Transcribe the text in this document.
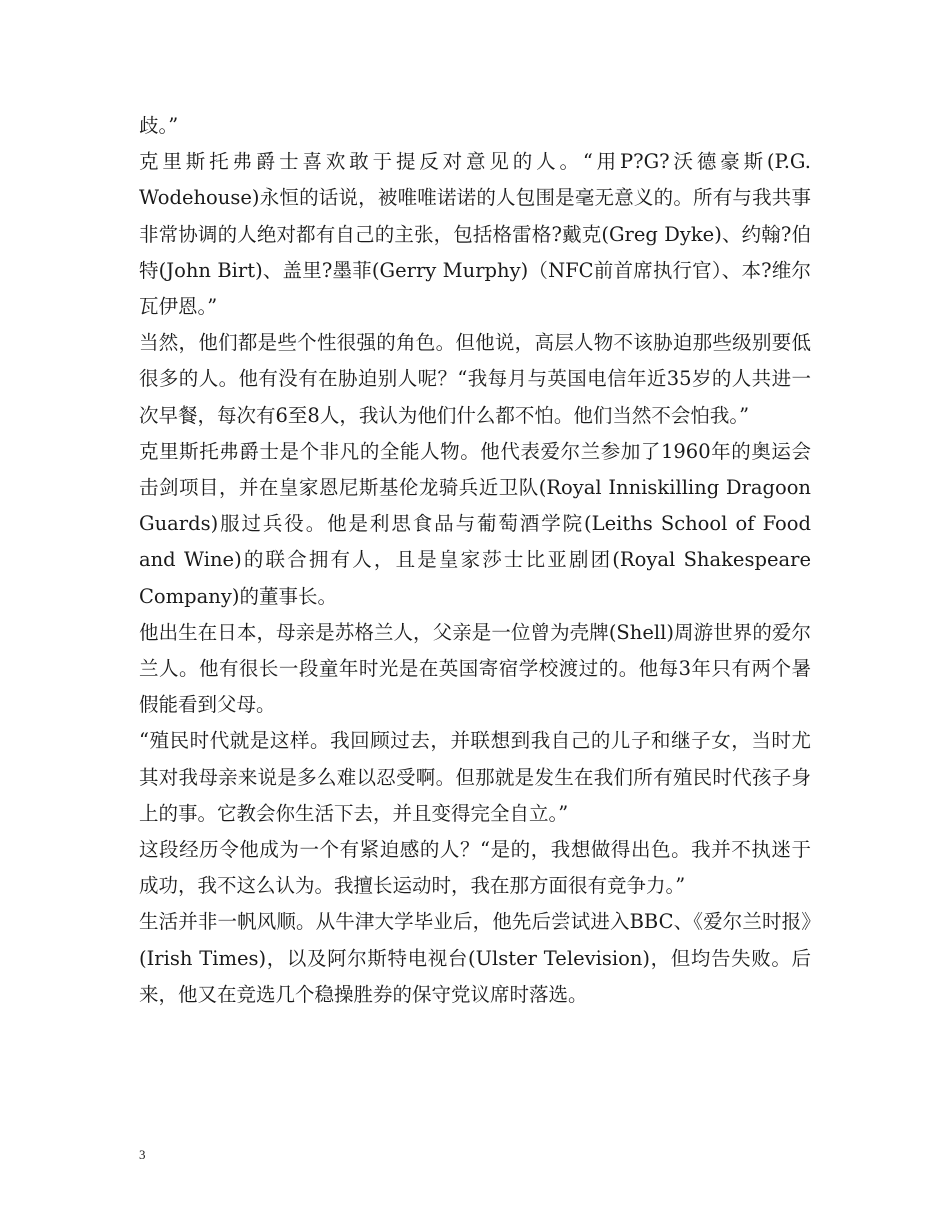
歧。”

克里斯托弗爵士喜欢敢于提反对意见的人。“用P?G?沃德豪斯(P.G. Wodehouse)永恒的话说，被唯唯诺诺的人包围是毫无意义的。所有与我共事非常协调的人绝对都有自己的主张，包括格雷格?戴克(Greg Dyke)、约翰?伯特(John Birt)、盖里?墨菲(Gerry Murphy)（NFC前首席执行官）、本?维尔瓦伊恩。”

当然，他们都是些个性很强的角色。但他说，高层人物不该胁迫那些级别要低很多的人。他有没有在胁迫别人呢？“我每月与英国电信年近35岁的人共进一次早餐，每次有6至8人，我认为他们什么都不怕。他们当然不会怕我。”

克里斯托弗爵士是个非凡的全能人物。他代表爱尔兰参加了1960年的奥运会击剑项目，并在皇家恩尼斯基伦龙骑兵近卫队(Royal Inniskilling Dragoon Guards)服过兵役。他是利思食品与葡萄酒学院(Leiths School of Food and Wine)的联合拥有人，且是皇家莎士比亚剧团(Royal Shakespeare Company)的董事长。

他出生在日本，母亲是苏格兰人，父亲是一位曾为壳牌(Shell)周游世界的爱尔兰人。他有很长一段童年时光是在英国寄宿学校渡过的。他每3年只有两个暑假能看到父母。

“殖民时代就是这样。我回顾过去，并联想到我自己的儿子和继子女，当时尤其对我母亲来说是多么难以忍受啊。但那就是发生在我们所有殖民时代孩子身上的事。它教会你生活下去，并且变得完全自立。”

这段经历令他成为一个有紧迫感的人？“是的，我想做得出色。我并不执迷于成功，我不这么认为。我擅长运动时，我在那方面很有竞争力。”

生活并非一帆风顺。从牛津大学毕业后，他先后尝试进入BBC、《爱尔兰时报》(Irish Times)，以及阿尔斯特电视台(Ulster Television)，但均告失败。后来，他又在竞选几个稳操胜券的保守党议席时落选。

3
